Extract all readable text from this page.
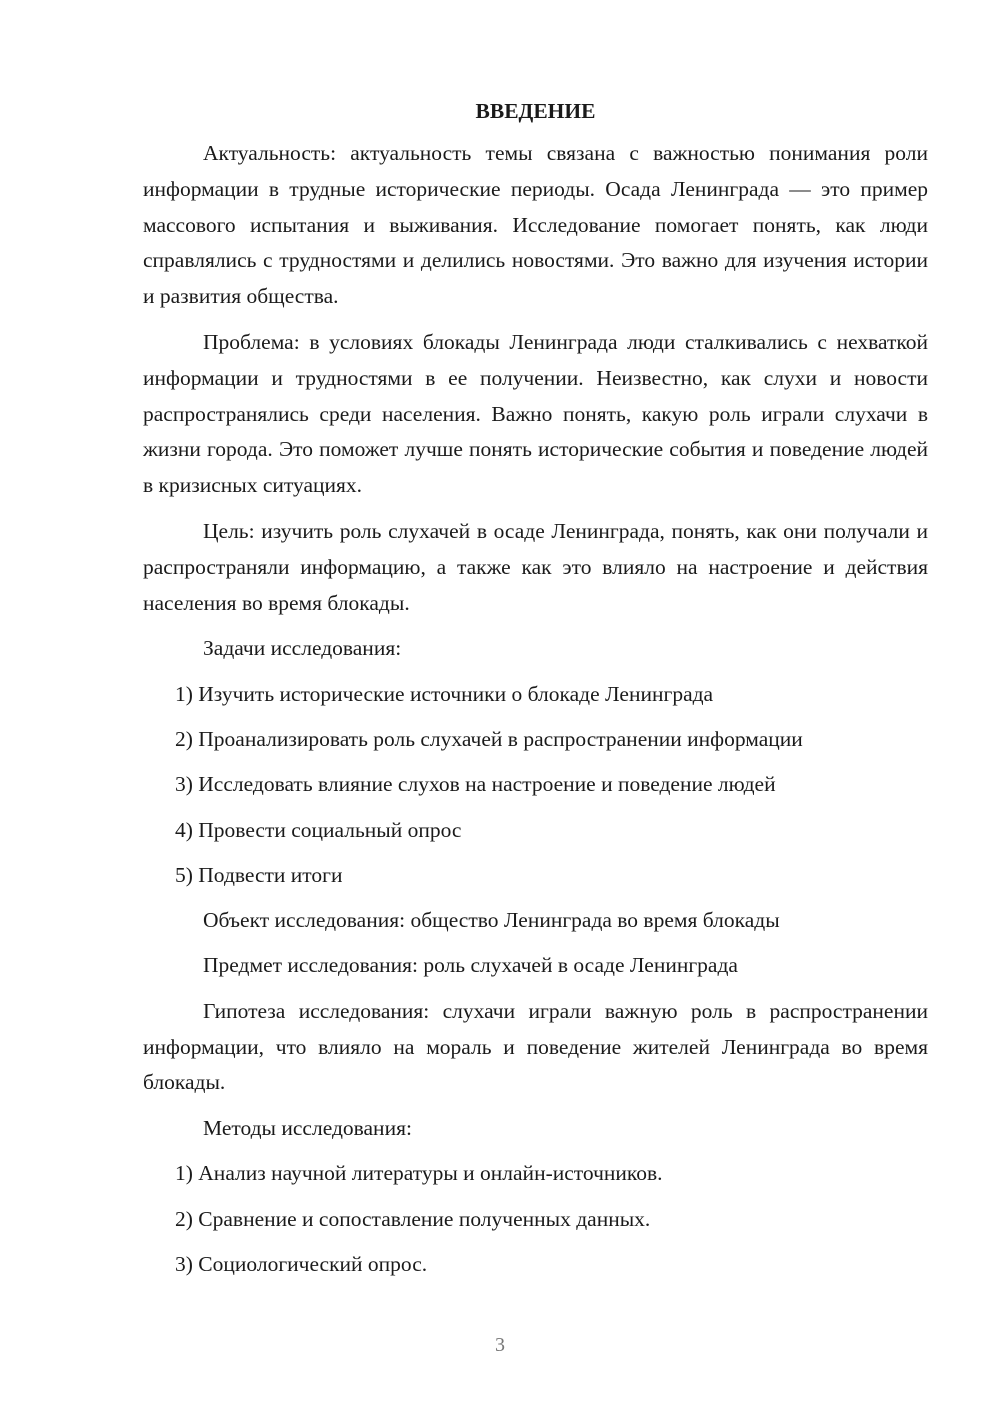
ВВЕДЕНИЕ

Актуальность: актуальность темы связана с важностью понимания роли информации в трудные исторические периоды. Осада Ленинграда — это пример массового испытания и выживания. Исследование помогает понять, как люди справлялись с трудностями и делились новостями. Это важно для изучения истории и развития общества.

Проблема: в условиях блокады Ленинграда люди сталкивались с нехваткой информации и трудностями в ее получении. Неизвестно, как слухи и новости распространялись среди населения. Важно понять, какую роль играли слухачи в жизни города. Это поможет лучше понять исторические события и поведение людей в кризисных ситуациях.

Цель: изучить роль слухачей в осаде Ленинграда, понять, как они получали и распространяли информацию, а также как это влияло на настроение и действия населения во время блокады.

Задачи исследования:
1) Изучить исторические источники о блокаде Ленинграда
2) Проанализировать роль слухачей в распространении информации
3) Исследовать влияние слухов на настроение и поведение людей
4) Провести социальный опрос
5) Подвести итоги
Объект исследования: общество Ленинграда во время блокады
Предмет исследования: роль слухачей в осаде Ленинграда

Гипотеза исследования: слухачи играли важную роль в распространении информации, что влияло на мораль и поведение жителей Ленинграда во время блокады.

Методы исследования:
1) Анализ научной литературы и онлайн-источников.
2) Сравнение и сопоставление полученных данных.
3) Социологический опрос.
3
